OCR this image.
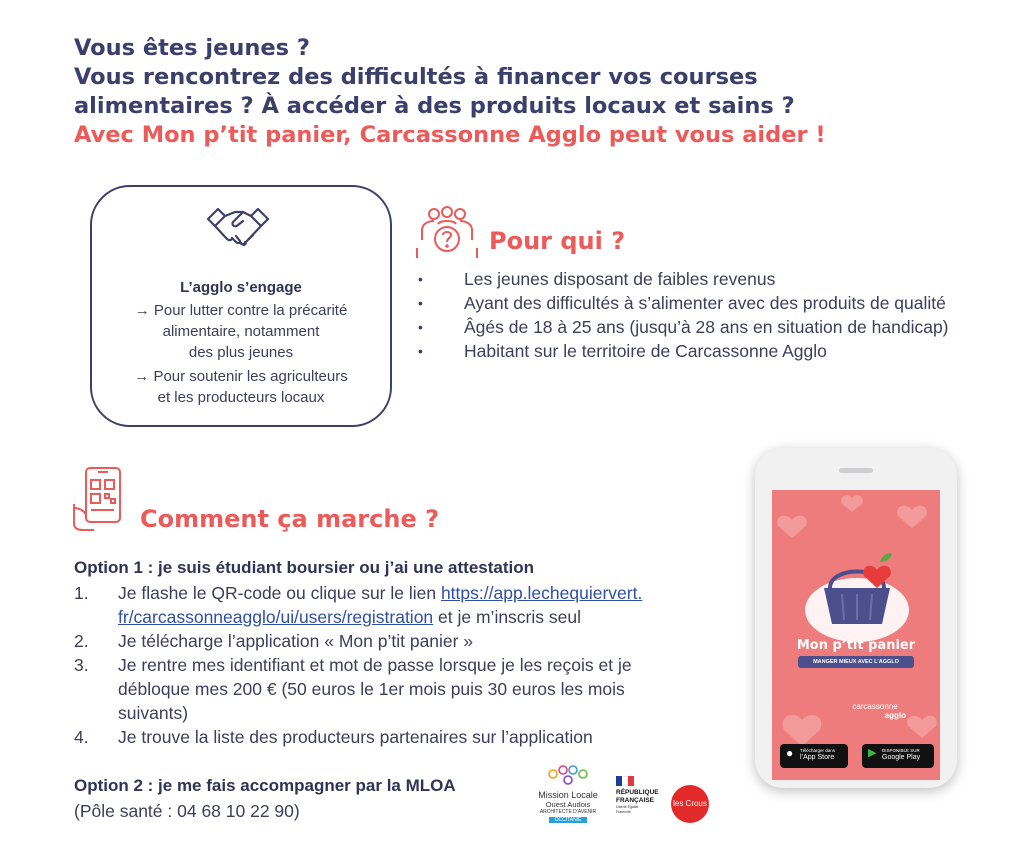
Vous êtes jeunes ?
Vous rencontrez des difficultés à financer vos courses
alimentaires ? À accéder à des produits locaux et sains ?
Avec Mon p’tit panier, Carcassonne Agglo peut vous aider !
L’agglo s’engage
→ Pour lutter contre la précarité
alimentaire, notamment
des plus jeunes
→ Pour soutenir les agriculteurs
et les producteurs locaux
Pour qui ?
• Les jeunes disposant de faibles revenus
• Ayant des difficultés à s’alimenter avec des produits de qualité
• Âgés de 18 à 25 ans (jusqu’à 28 ans en situation de handicap)
• Habitant sur le territoire de Carcassonne Agglo
Comment ça marche ?
Option 1 : je suis étudiant boursier ou j’ai une attestation
1. Je flashe le QR-code ou clique sur le lien https://app.lechequiervert.
fr/carcassonneagglo/ui/users/registration et je m’inscris seul
2. Je télécharge l’application « Mon p’tit panier »
3. Je rentre mes identifiant et mot de passe lorsque je les reçois et je débloque mes 200 € (50 euros le 1er mois puis 30 euros les mois suivants)
4. Je trouve la liste des producteurs partenaires sur l’application
Option 2 : je me fais accompagner par la MLOA
(Pôle santé : 04 68 10 22 90)
Mission Locale
Ouest Audois
ARCHITECTE D’AVENIR
OCCITANIE
RÉPUBLIQUE
FRANÇAISE
Liberté Égalité Fraternité
les Crous
Mon p’tit panier
MANGER MIEUX AVEC L’AGGLO
carcassonne
agglo
● Télécharger dans
l’App Store	▶ DISPONIBLE SUR
Google Play
